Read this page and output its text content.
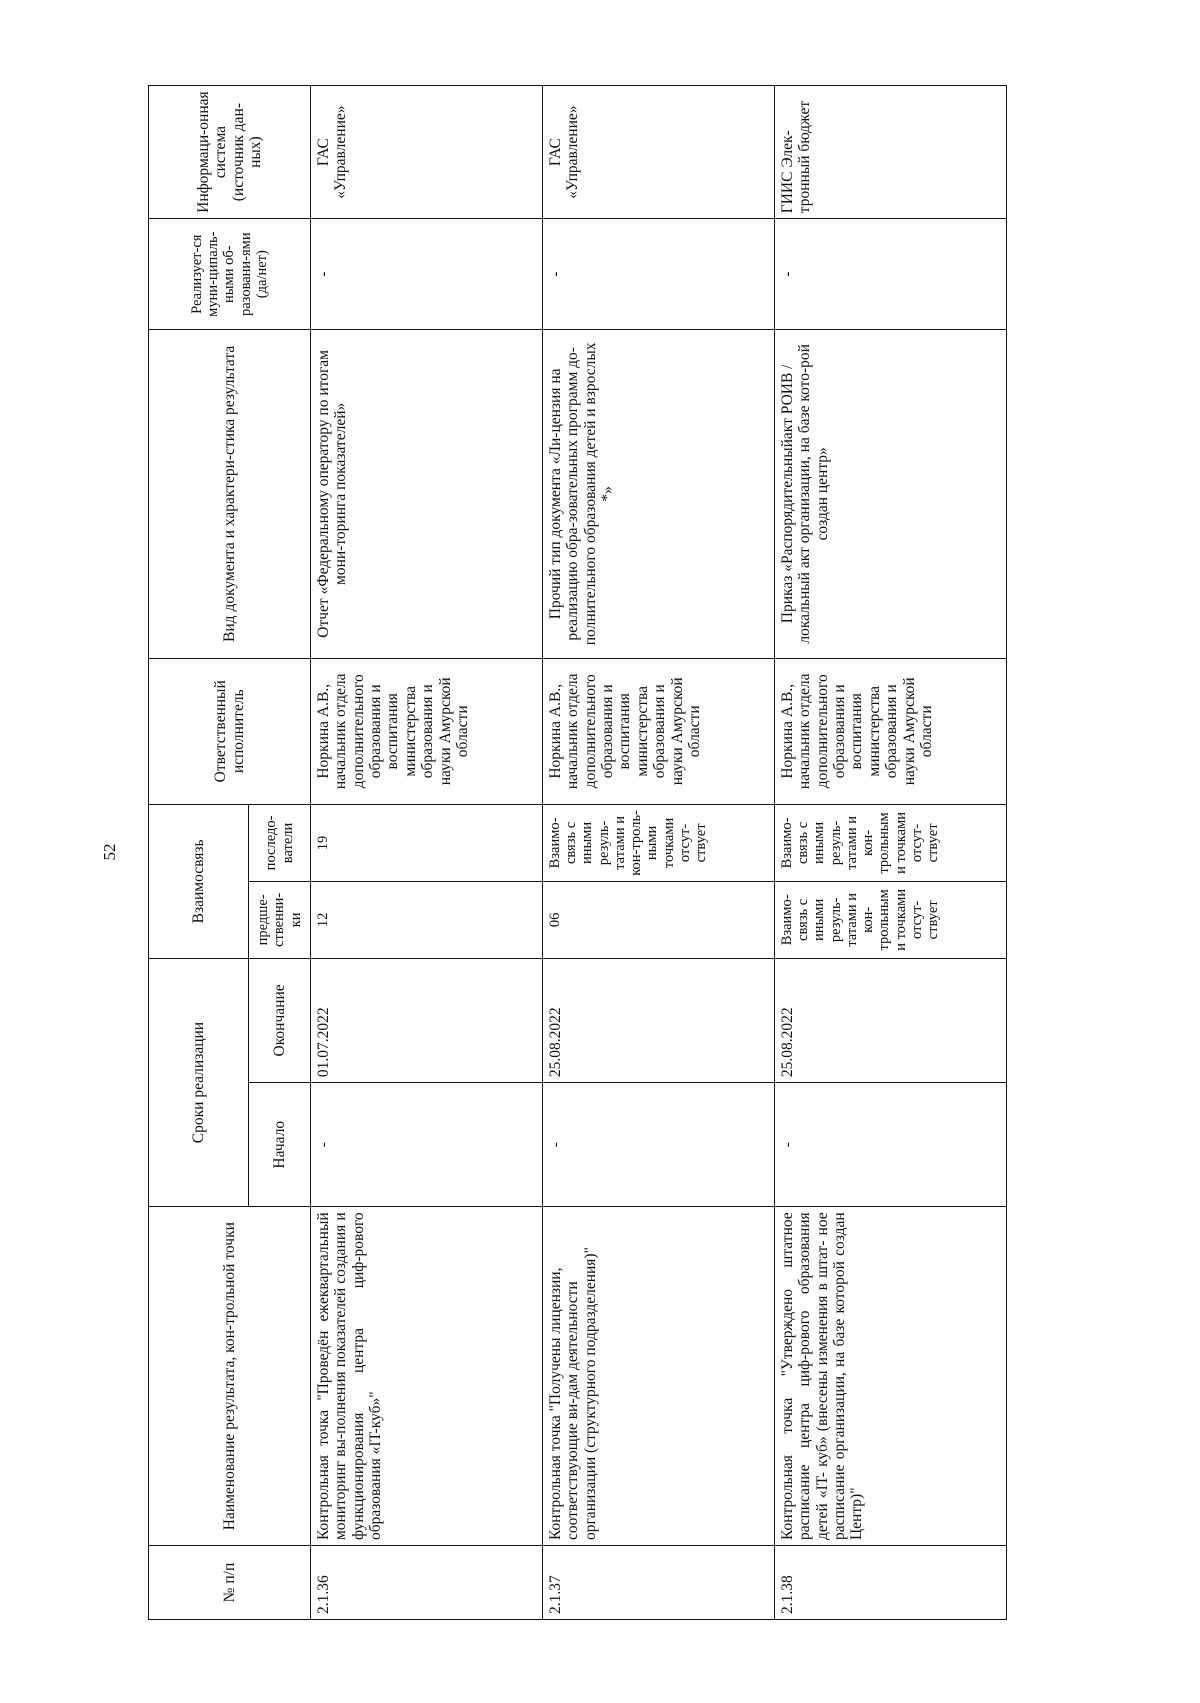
52
№ п/п	Наименование результата, кон-трольной точки	Сроки реализации		Взаимосвязь		Ответственный исполнитель	Вид документа и характери-стика результата	Реализует-ся муни-ципаль-ными об-разовани-ями (да/нет)	Информаци-онная система (источник дан-ных)
		Начало	Окончание	предше-ственни-ки	последо-ватели				
2.1.36	Контрольная точка "Проведён ежеквартальный мониторинг вы-полнения показателей создания и функционирования центра циф-рового образования «IT-куб»"	-	01.07.2022	12	19	Норкина А.В., начальник отдела дополнительного образования и воспитания министерства образования и науки Амурской области	Отчет «Федеральному оператору по итогам мони-торинга показателей»	-	ГАС «Управление»
2.1.37	Контрольная точка "Получены лицензии, соответствующие ви-дам деятельности организации (структурного подразделения)"	-	25.08.2022	06	Взаимо-связь с иными резуль-татами и кон-троль-ными точками отсут-ствует	Норкина А.В., начальник отдела дополнительного образования и воспитания министерства образования и науки Амурской области	Прочий тип документа «Ли-цензия на реализацию обра-зовательных программ до-полнительного образования детей и взрослых *»	-	ГАС «Управление»
2.1.38	Контрольная точка "Утверждено штатное расписание центра циф-рового образования детей «IT- куб» (внесены изменения в штат- ное расписание организации, на базе которой создан Центр)"	-	25.08.2022	Взаимо-связь с иными резуль-татами и кон-трольными точками отсут-ствует	Взаимо-связь с иными резуль-татами и кон-трольными точками отсут-ствует	Норкина А.В., начальник отдела дополнительного образования и воспитания министерства образования и науки Амурской области	Приказ «Распорядительныйакт РОИВ / локальный акт организации, на базе кото-рой создан центр»	-	ГИИС Элек-тронный бюджет
